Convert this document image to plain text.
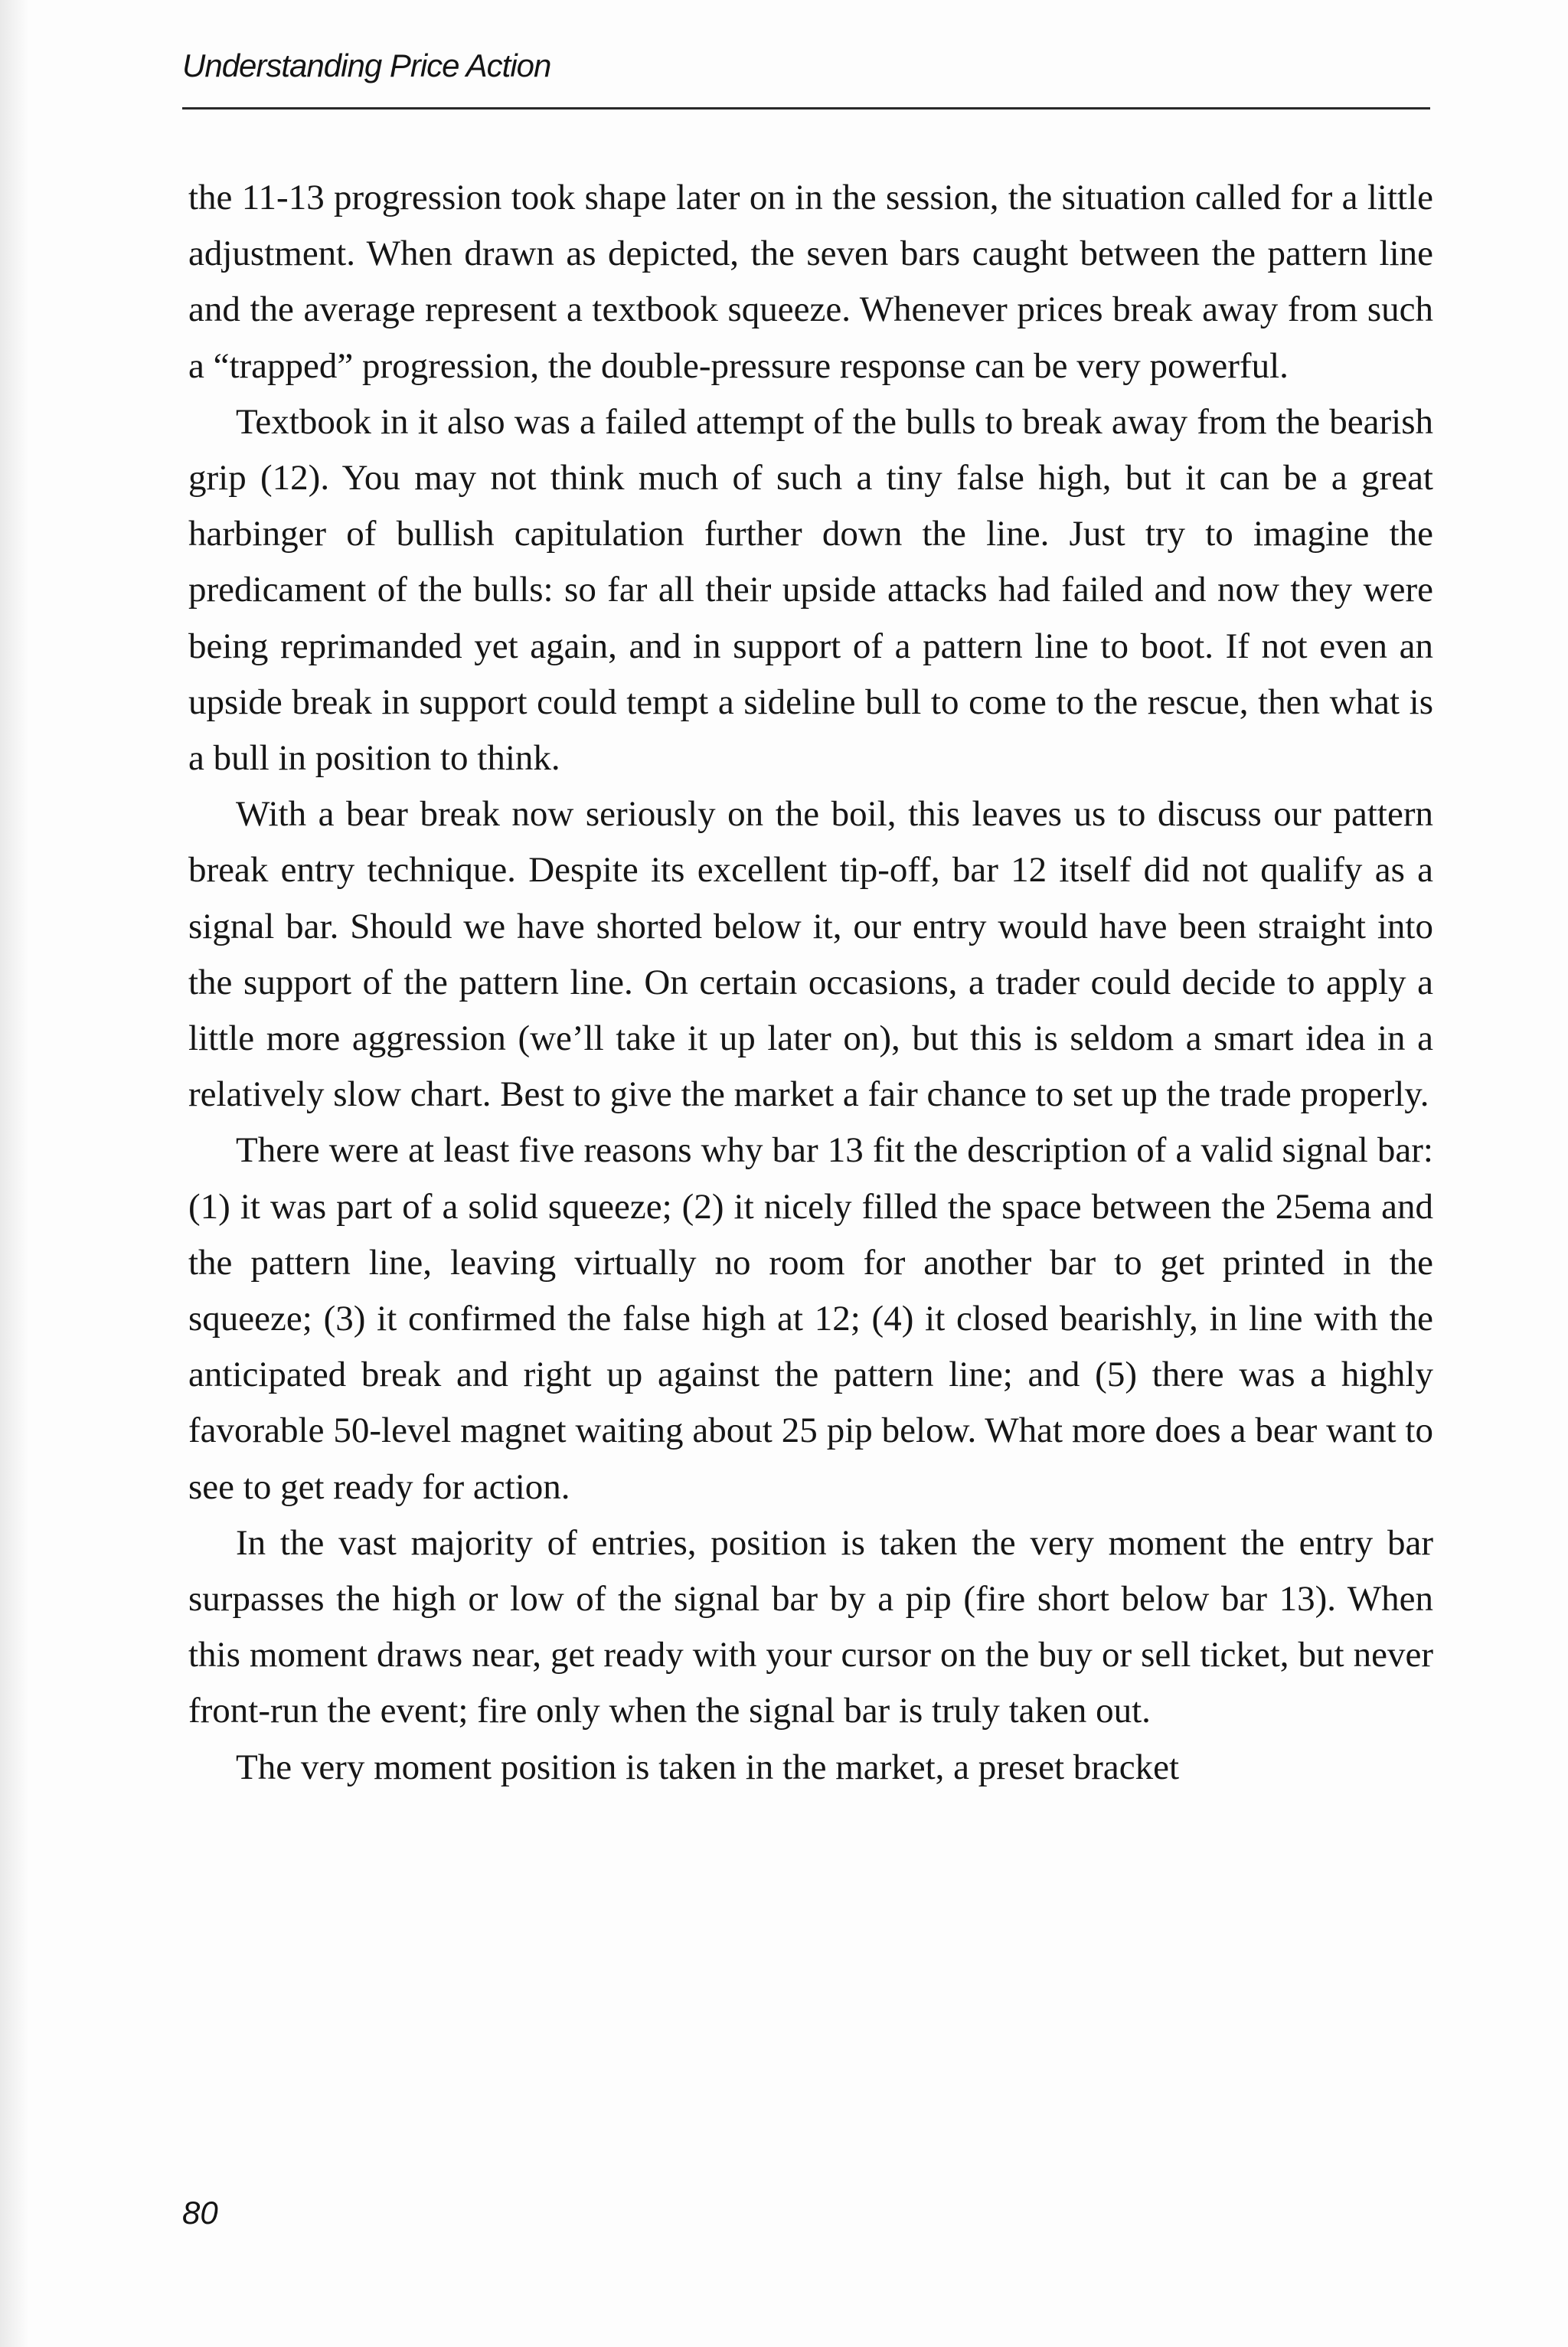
Understanding Price Action

the 11-13 progression took shape later on in the session, the situation called for a little adjustment. When drawn as depicted, the seven bars caught between the pattern line and the average represent a textbook squeeze. Whenever prices break away from such a “trapped” progression, the double-pressure response can be very powerful.

Textbook in it also was a failed attempt of the bulls to break away from the bearish grip (12). You may not think much of such a tiny false high, but it can be a great harbinger of bullish capitulation further down the line. Just try to imagine the predicament of the bulls: so far all their upside attacks had failed and now they were being reprimanded yet again, and in support of a pattern line to boot. If not even an upside break in support could tempt a sideline bull to come to the rescue, then what is a bull in position to think.

With a bear break now seriously on the boil, this leaves us to discuss our pattern break entry technique. Despite its excellent tip-off, bar 12 itself did not qualify as a signal bar. Should we have shorted below it, our entry would have been straight into the support of the pattern line. On certain occasions, a trader could decide to apply a little more aggression (we’ll take it up later on), but this is seldom a smart idea in a relatively slow chart. Best to give the market a fair chance to set up the trade properly.

There were at least five reasons why bar 13 fit the description of a valid signal bar: (1) it was part of a solid squeeze; (2) it nicely filled the space between the 25ema and the pattern line, leaving virtually no room for another bar to get printed in the squeeze; (3) it confirmed the false high at 12; (4) it closed bearishly, in line with the anticipated break and right up against the pattern line; and (5) there was a highly favorable 50-level magnet waiting about 25 pip below. What more does a bear want to see to get ready for action.

In the vast majority of entries, position is taken the very moment the entry bar surpasses the high or low of the signal bar by a pip (fire short below bar 13). When this moment draws near, get ready with your cursor on the buy or sell ticket, but never front-run the event; fire only when the signal bar is truly taken out.

The very moment position is taken in the market, a preset bracket

80
